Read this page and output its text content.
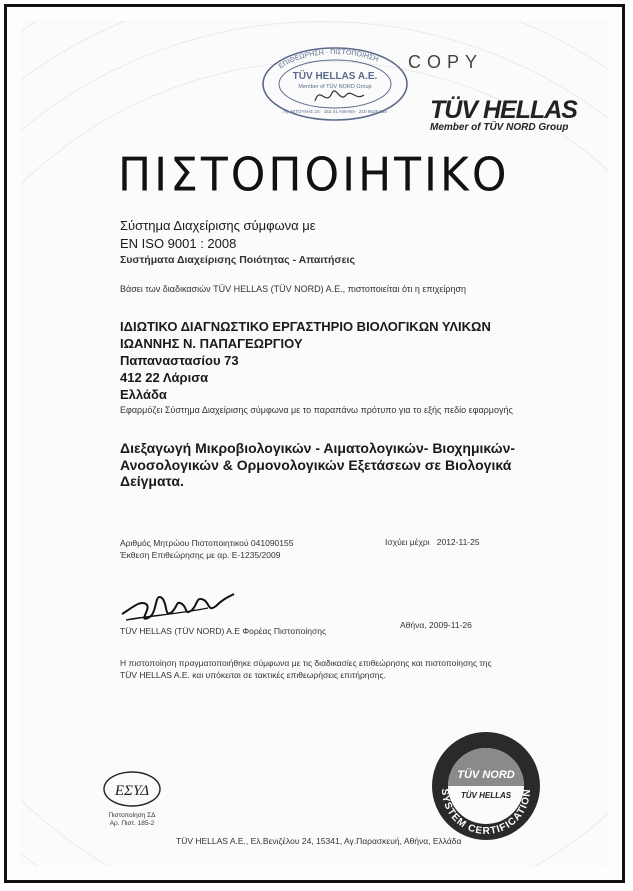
ΕΠΙΘΕΩΡΗΣΗ · ΠΙΣΤΟΠΟΙΗΣΗ
TÜV HELLAS A.E.
Member of TÜV NORD Group
Αγ. ΒΙΤΟΥΛΗΣ 24 · 153 41 ΑΘΗΝΑ · 210 6528 185
COPY
TÜV HELLAS
Member of TÜV NORD Group
ΠΙΣΤΟΠΟΙΗΤΙΚΟ
Σύστημα Διαχείρισης σύμφωνα με
EN ISO 9001 : 2008
Συστήματα Διαχείρισης Ποιότητας - Απαιτήσεις
Βάσει των διαδικασιών TÜV HELLAS (TÜV NORD) A.E., πιστοποιείται ότι η επιχείρηση
ΙΔΙΩΤΙΚΟ ΔΙΑΓΝΩΣΤΙΚΟ ΕΡΓΑΣΤΗΡΙΟ ΒΙΟΛΟΓΙΚΩΝ ΥΛΙΚΩΝ
ΙΩΑΝΝΗΣ Ν. ΠΑΠΑΓΕΩΡΓΙΟΥ
Παπαναστασίου 73
412 22 Λάρισα
Ελλάδα
Εφαρμόζει Σύστημα Διαχείρισης σύμφωνα με το παραπάνω πρότυπο για το εξής πεδίο εφαρμογής
Διεξαγωγή Μικροβιολογικών - Αιματολογικών- Βιοχημικών-
Ανοσολογικών & Ορμονολογικών Εξετάσεων σε Βιολογικά
Δείγματα.
Αριθμός Μητρώου Πιστοποιητικού 041090155
Έκθεση Επιθεώρησης με αρ. Ε-1235/2009
Ισχύει μέχρι 2012-11-25
TÜV HELLAS (TÜV NORD) A.E Φορέας Πιστοποίησης
Αθήνα, 2009-11-26
Η πιστοποίηση πραγματοποιήθηκε σύμφωνα με τις διαδικασίες επιθεώρησης και πιστοποίησης της
TÜV HELLAS A.E. και υπόκειται σε τακτικές επιθεωρήσεις επιτήρησης.
ΕΣΥΔ
Πιστοποίηση ΣΔ
Αρ. Πιστ. 185-2
SYSTEM CERTIFICATION
TÜV NORD
TÜV HELLAS
TÜV HELLAS A.E., Ελ.Βενιζέλου 24, 15341, Αγ.Παρασκευή, Αθήνα, Ελλάδα
